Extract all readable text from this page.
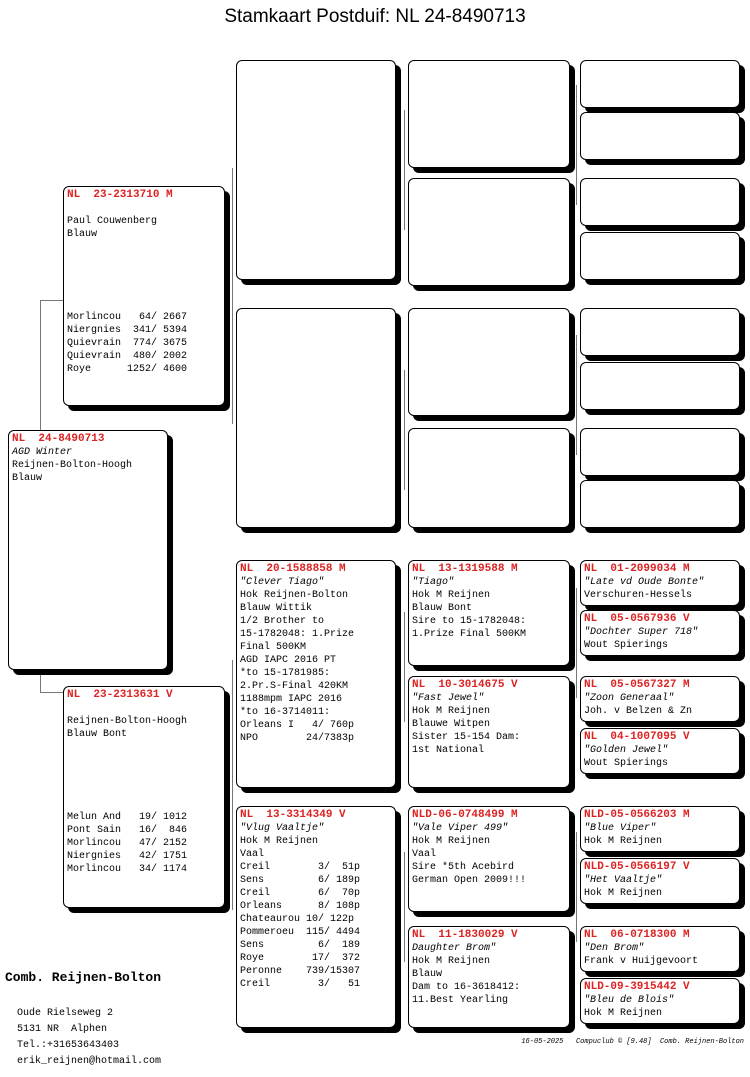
Stamkaart Postduif: NL 24-8490713
NL  24-8490713
AGD Winter
Reijnen-Bolton-Hoogh
Blauw
NL  23-2313710 M
Paul Couwenberg
Blauw
Morlincou   64/ 2667
Niergnies  341/ 5394
Quievrain  774/ 3675
Quievrain  480/ 2002
Roye      1252/ 4600
NL  23-2313631 V
Reijnen-Bolton-Hoogh
Blauw Bont
Melun And   19/ 1012
Pont Sain   16/  846
Morlincou   47/ 2152
Niergnies   42/ 1751
Morlincou   34/ 1174
NL  20-1588858 M
"Clever Tiago"
Hok Reijnen-Bolton
Blauw Wittik
1/2 Brother to
15-1782048: 1.Prize
Final 500KM
AGD IAPC 2016 PT
*to 15-1781985:
2.Pr.S-Final 420KM
1188mpm IAPC 2016
*to 16-3714011:
Orleans I   4/ 760p
NPO        24/7383p
NL  13-3314349 V
"Vlug Vaaltje"
Hok M Reijnen
Vaal
Creil        3/  51p
Sens         6/ 189p
Creil        6/  70p
Orleans      8/ 108p
Chateaurou 10/ 122p
Pommeroeu  115/ 4494
Sens         6/  189
Roye        17/  372
Peronne    739/15307
Creil        3/   51
NL  13-1319588 M
"Tiago"
Hok M Reijnen
Blauw Bont
Sire to 15-1782048:
1.Prize Final 500KM
NL  10-3014675 V
"Fast Jewel"
Hok M Reijnen
Blauwe Witpen
Sister 15-154 Dam:
1st National
NLD-06-0748499 M
"Vale Viper 499"
Hok M Reijnen
Vaal
Sire *5th Acebird
German Open 2009!!!
NL  11-1830029 V
Daughter Brom"
Hok M Reijnen
Blauw
Dam to 16-3618412:
11.Best Yearling
NL  01-2099034 M
"Late vd Oude Bonte"
Verschuren-Hessels
NL  05-0567936 V
"Dochter Super 718"
Wout Spierings
NL  05-0567327 M
"Zoon Generaal"
Joh. v Belzen & Zn
NL  04-1007095 V
"Golden Jewel"
Wout Spierings
NLD-05-0566203 M
"Blue Viper"
Hok M Reijnen
NLD-05-0566197 V
"Het Vaaltje"
Hok M Reijnen
NL  06-0718300 M
"Den Brom"
Frank v Huijgevoort
NLD-09-3915442 V
"Bleu de Blois"
Hok M Reijnen

Comb. Reijnen-Bolton

Oude Rielseweg 2
5131 NR  Alphen
Tel.:+31653643403
erik_reijnen@hotmail.com

16-05-2025   Compuclub © [9.48]  Comb. Reijnen-Bolton
